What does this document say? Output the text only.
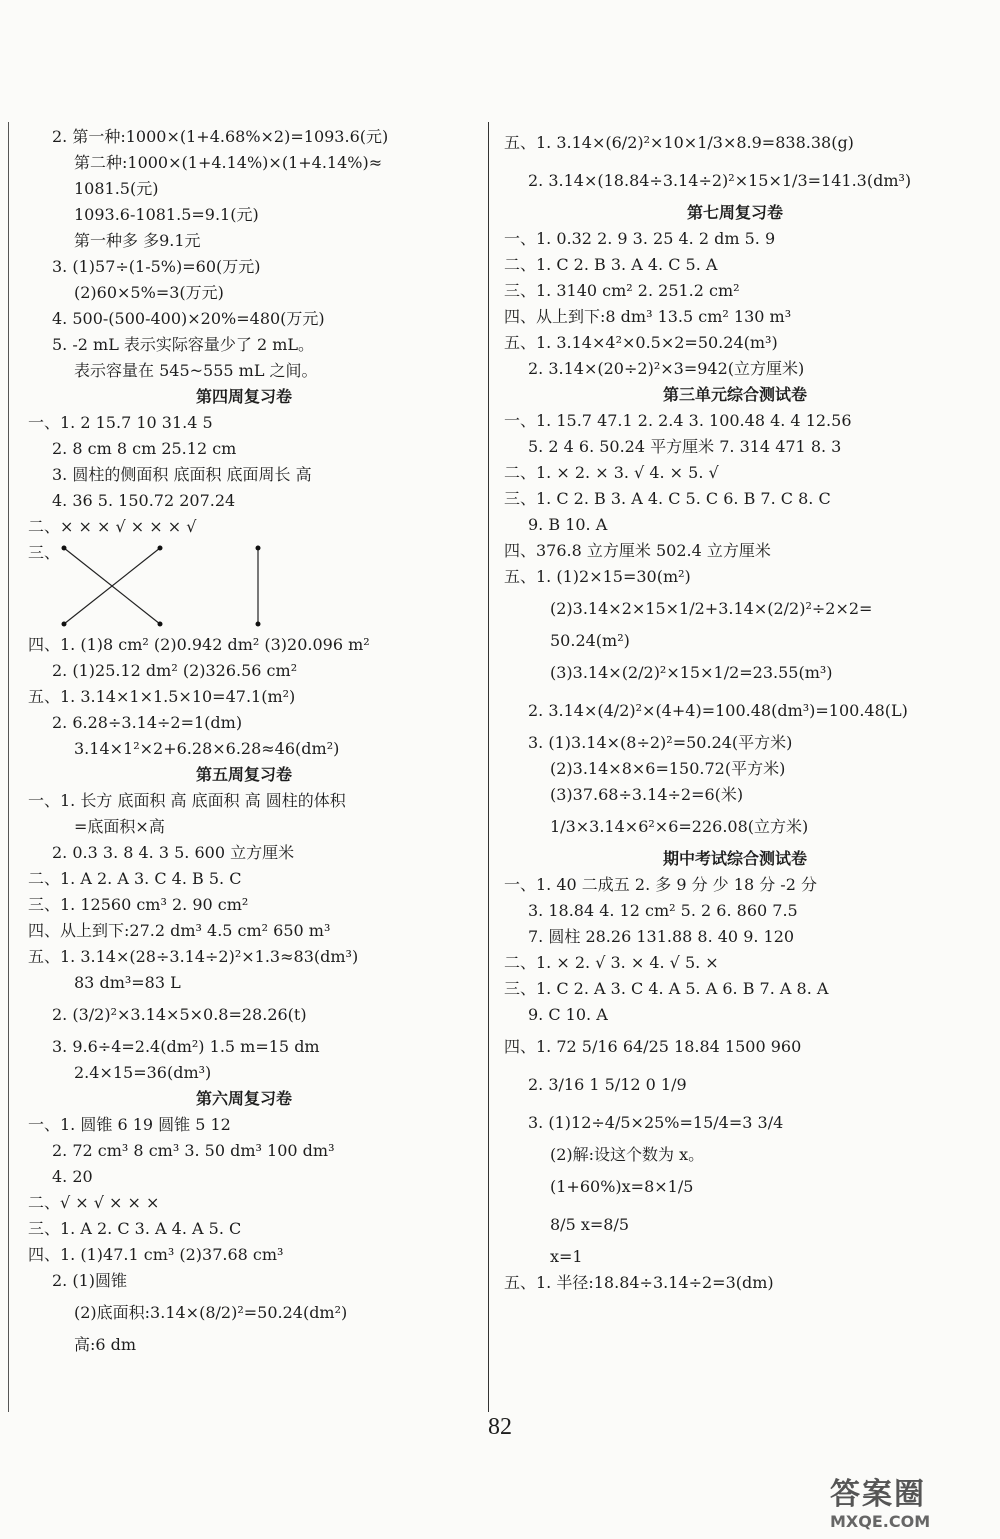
2. 第一种:1000×(1+4.68%×2)=1093.6(元)
第二种:1000×(1+4.14%)×(1+4.14%)≈
1081.5(元)
1093.6-1081.5=9.1(元)
第一种多 多9.1元
3. (1)57÷(1-5%)=60(万元)
(2)60×5%=3(万元)
4. 500-(500-400)×20%=480(万元)
5. -2 mL 表示实际容量少了 2 mL。
表示容量在 545~555 mL 之间。
第四周复习卷
一、1. 2 15.7 10 31.4 5
2. 8 cm 8 cm 25.12 cm
3. 圆柱的侧面积 底面积 底面周长 高
4. 36 5. 150.72 207.24
二、× × × √ × × × √
三、
四、1. (1)8 cm² (2)0.942 dm² (3)20.096 m²
2. (1)25.12 dm² (2)326.56 cm²
五、1. 3.14×1×1.5×10=47.1(m²)
2. 6.28÷3.14÷2=1(dm)
3.14×1²×2+6.28×6.28≈46(dm²)
第五周复习卷
一、1. 长方 底面积 高 底面积 高 圆柱的体积
=底面积×高
2. 0.3 3. 8 4. 3 5. 600 立方厘米
二、1. A 2. A 3. C 4. B 5. C
三、1. 12560 cm³ 2. 90 cm²
四、从上到下:27.2 dm³ 4.5 cm² 650 m³
五、1. 3.14×(28÷3.14÷2)²×1.3≈83(dm³)
83 dm³=83 L
2. (3/2)²×3.14×5×0.8=28.26(t)
3. 9.6÷4=2.4(dm²) 1.5 m=15 dm
2.4×15=36(dm³)
第六周复习卷
一、1. 圆锥 6 19 圆锥 5 12
2. 72 cm³ 8 cm³ 3. 50 dm³ 100 dm³
4. 20
二、√ × √ × × ×
三、1. A 2. C 3. A 4. A 5. C
四、1. (1)47.1 cm³ (2)37.68 cm³
2. (1)圆锥
(2)底面积:3.14×(8/2)²=50.24(dm²)
高:6 dm
五、1. 3.14×(6/2)²×10×1/3×8.9=838.38(g)
2. 3.14×(18.84÷3.14÷2)²×15×1/3=141.3(dm³)
第七周复习卷
一、1. 0.32 2. 9 3. 25 4. 2 dm 5. 9
二、1. C 2. B 3. A 4. C 5. A
三、1. 3140 cm² 2. 251.2 cm²
四、从上到下:8 dm³ 13.5 cm² 130 m³
五、1. 3.14×4²×0.5×2=50.24(m³)
2. 3.14×(20÷2)²×3=942(立方厘米)
第三单元综合测试卷
一、1. 15.7 47.1 2. 2.4 3. 100.48 4. 4 12.56
5. 2 4 6. 50.24 平方厘米 7. 314 471 8. 3
二、1. × 2. × 3. √ 4. × 5. √
三、1. C 2. B 3. A 4. C 5. C 6. B 7. C 8. C
9. B 10. A
四、376.8 立方厘米 502.4 立方厘米
五、1. (1)2×15=30(m²)
(2)3.14×2×15×1/2+3.14×(2/2)²÷2×2=
50.24(m²)
(3)3.14×(2/2)²×15×1/2=23.55(m³)
2. 3.14×(4/2)²×(4+4)=100.48(dm³)=100.48(L)
3. (1)3.14×(8÷2)²=50.24(平方米)
(2)3.14×8×6=150.72(平方米)
(3)37.68÷3.14÷2=6(米)
1/3×3.14×6²×6=226.08(立方米)
期中考试综合测试卷
一、1. 40 二成五 2. 多 9 分 少 18 分 -2 分
3. 18.84 4. 12 cm² 5. 2 6. 860 7.5
7. 圆柱 28.26 131.88 8. 40 9. 120
二、1. × 2. √ 3. × 4. √ 5. ×
三、1. C 2. A 3. C 4. A 5. A 6. B 7. A 8. A
9. C 10. A
四、1. 72 5/16 64/25 18.84 1500 960
2. 3/16 1 5/12 0 1/9
3. (1)12÷4/5×25%=15/4=3 3/4
(2)解:设这个数为 x。
(1+60%)x=8×1/5
8/5 x=8/5
x=1
五、1. 半径:18.84÷3.14÷2=3(dm)
82
答案圈
MXQE.COM
